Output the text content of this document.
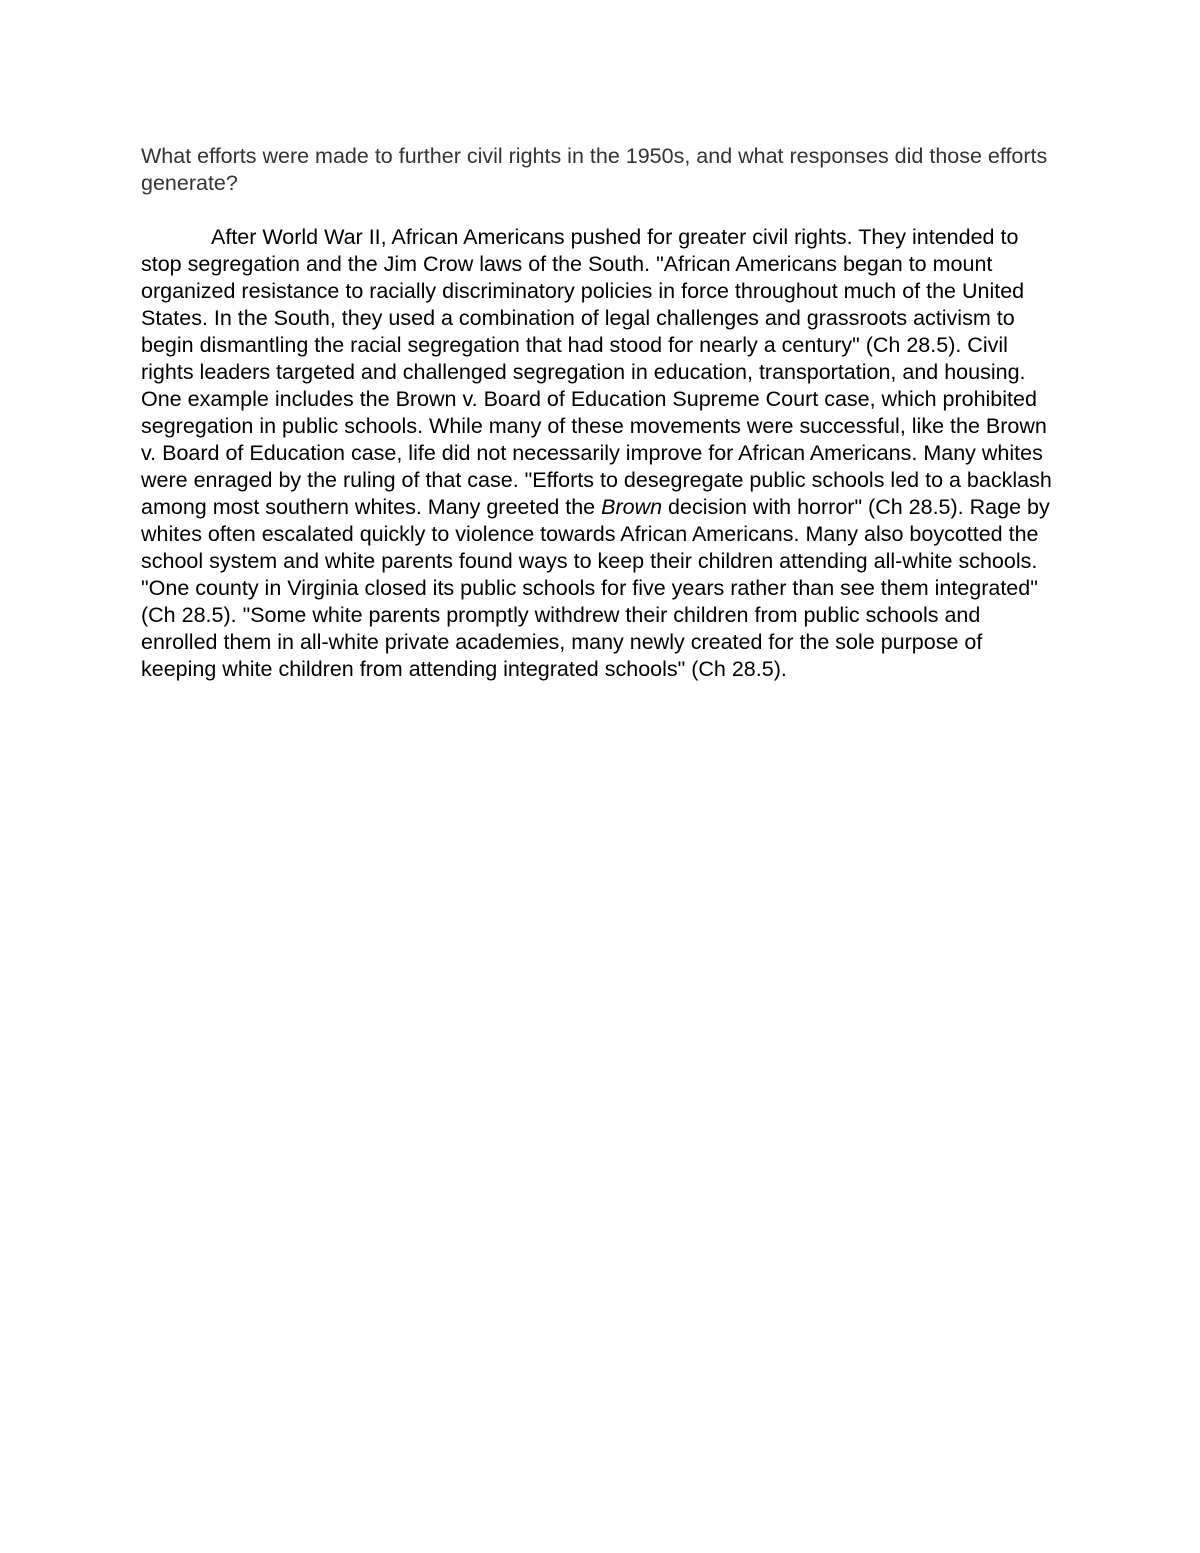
What efforts were made to further civil rights in the 1950s, and what responses did those efforts generate?

After World War II, African Americans pushed for greater civil rights. They intended to stop segregation and the Jim Crow laws of the South. "African Americans began to mount organized resistance to racially discriminatory policies in force throughout much of the United States. In the South, they used a combination of legal challenges and grassroots activism to begin dismantling the racial segregation that had stood for nearly a century" (Ch 28.5). Civil rights leaders targeted and challenged segregation in education, transportation, and housing. One example includes the Brown v. Board of Education Supreme Court case, which prohibited segregation in public schools. While many of these movements were successful, like the Brown v. Board of Education case, life did not necessarily improve for African Americans. Many whites were enraged by the ruling of that case. "Efforts to desegregate public schools led to a backlash among most southern whites. Many greeted the Brown decision with horror" (Ch 28.5). Rage by whites often escalated quickly to violence towards African Americans. Many also boycotted the school system and white parents found ways to keep their children attending all-white schools. "One county in Virginia closed its public schools for five years rather than see them integrated" (Ch 28.5). "Some white parents promptly withdrew their children from public schools and enrolled them in all-white private academies, many newly created for the sole purpose of keeping white children from attending integrated schools" (Ch 28.5).
